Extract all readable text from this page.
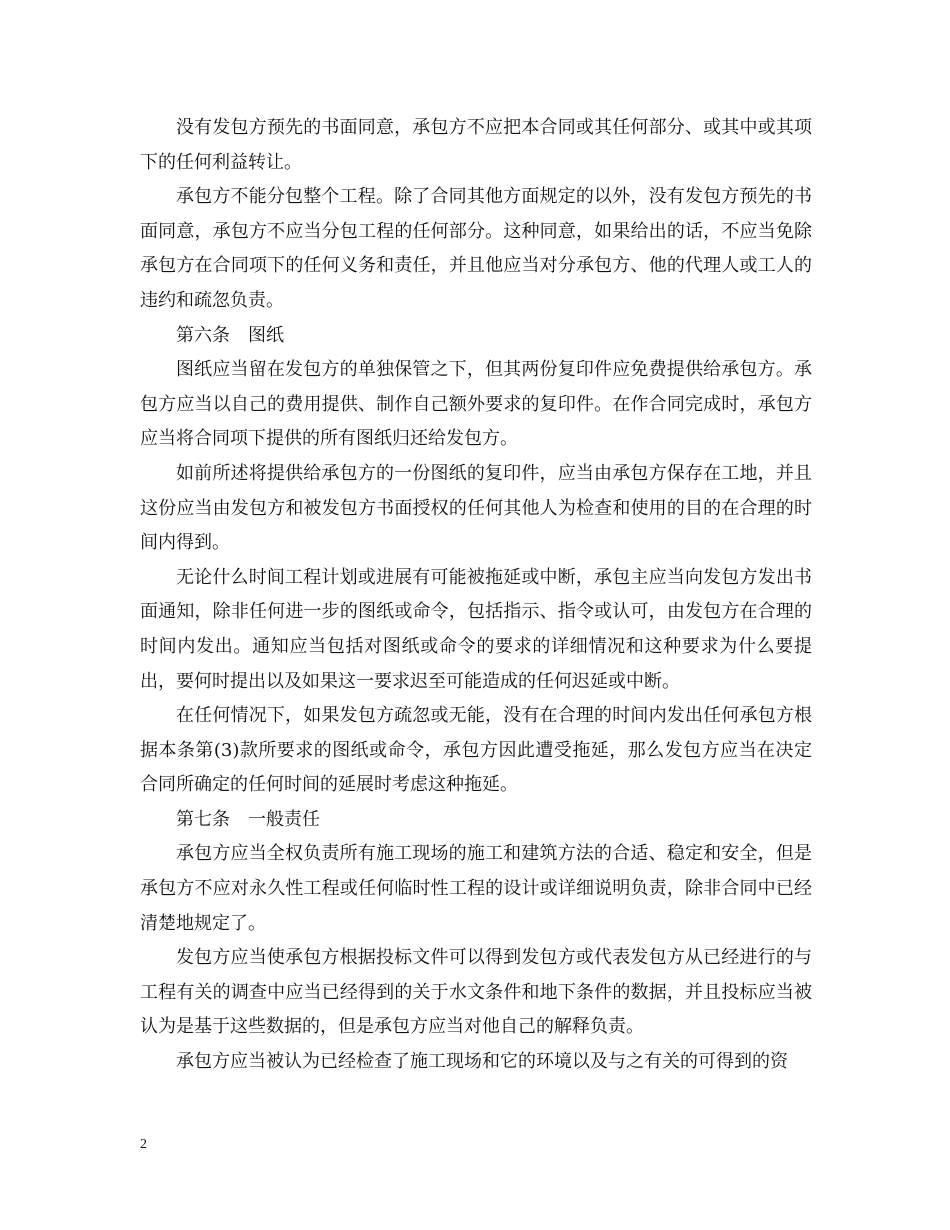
没有发包方预先的书面同意，承包方不应把本合同或其任何部分、或其中或其项下的任何利益转让。

承包方不能分包整个工程。除了合同其他方面规定的以外，没有发包方预先的书面同意，承包方不应当分包工程的任何部分。这种同意，如果给出的话，不应当免除承包方在合同项下的任何义务和责任，并且他应当对分承包方、他的代理人或工人的违约和疏忽负责。

第六条　图纸

图纸应当留在发包方的单独保管之下，但其两份复印件应免费提供给承包方。承包方应当以自己的费用提供、制作自己额外要求的复印件。在作合同完成时，承包方应当将合同项下提供的所有图纸归还给发包方。

如前所述将提供给承包方的一份图纸的复印件，应当由承包方保存在工地，并且这份应当由发包方和被发包方书面授权的任何其他人为检查和使用的目的在合理的时间内得到。

无论什么时间工程计划或进展有可能被拖延或中断，承包主应当向发包方发出书面通知，除非任何进一步的图纸或命令，包括指示、指令或认可，由发包方在合理的时间内发出。通知应当包括对图纸或命令的要求的详细情况和这种要求为什么要提出，要何时提出以及如果这一要求迟至可能造成的任何迟延或中断。

在任何情况下，如果发包方疏忽或无能，没有在合理的时间内发出任何承包方根据本条第(3)款所要求的图纸或命令，承包方因此遭受拖延，那么发包方应当在决定合同所确定的任何时间的延展时考虑这种拖延。

第七条　一般责任

承包方应当全权负责所有施工现场的施工和建筑方法的合适、稳定和安全，但是承包方不应对永久性工程或任何临时性工程的设计或详细说明负责，除非合同中已经清楚地规定了。

发包方应当使承包方根据投标文件可以得到发包方或代表发包方从已经进行的与工程有关的调查中应当已经得到的关于水文条件和地下条件的数据，并且投标应当被认为是基于这些数据的，但是承包方应当对他自己的解释负责。

承包方应当被认为已经检查了施工现场和它的环境以及与之有关的可得到的资

2
